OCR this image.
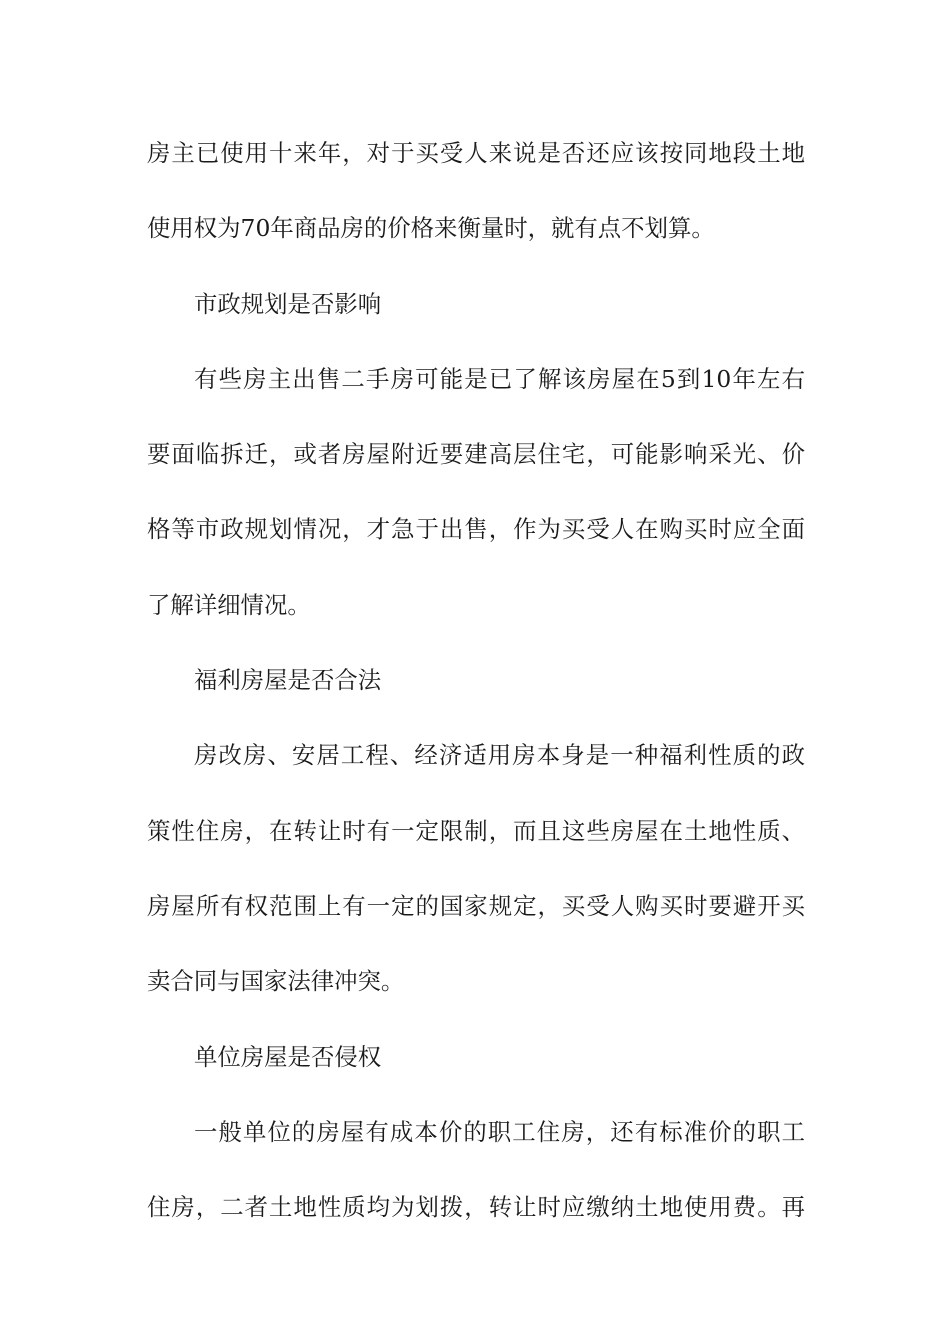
房主已使用十来年，对于买受人来说是否还应该按同地段土地
使用权为70年商品房的价格来衡量时，就有点不划算。
市政规划是否影响
有些房主出售二手房可能是已了解该房屋在5到10年左右
要面临拆迁，或者房屋附近要建高层住宅，可能影响采光、价
格等市政规划情况，才急于出售，作为买受人在购买时应全面
了解详细情况。
福利房屋是否合法
房改房、安居工程、经济适用房本身是一种福利性质的政
策性住房，在转让时有一定限制，而且这些房屋在土地性质、
房屋所有权范围上有一定的国家规定，买受人购买时要避开买
卖合同与国家法律冲突。
单位房屋是否侵权
一般单位的房屋有成本价的职工住房，还有标准价的职工
住房，二者土地性质均为划拨，转让时应缴纳土地使用费。再
